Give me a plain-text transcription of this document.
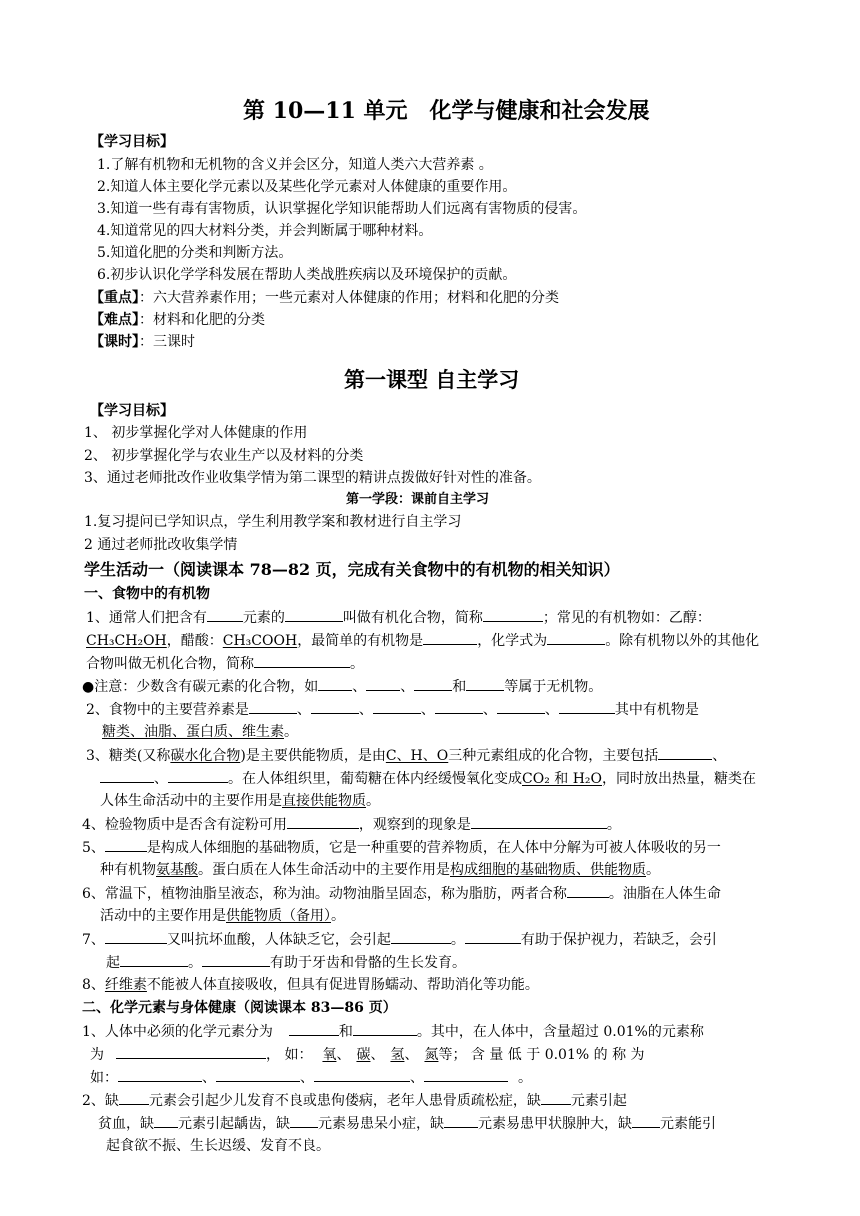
第 10—11 单元　化学与健康和社会发展
【学习目标】
1.了解有机物和无机物的含义并会区分，知道人类六大营养素 。
2.知道人体主要化学元素以及某些化学元素对人体健康的重要作用。
3.知道一些有毒有害物质，认识掌握化学知识能帮助人们远离有害物质的侵害。
4.知道常见的四大材料分类，并会判断属于哪种材料。
5.知道化肥的分类和判断方法。
6.初步认识化学学科发展在帮助人类战胜疾病以及环境保护的贡献。
【重点】：六大营养素作用；一些元素对人体健康的作用；材料和化肥的分类
【难点】：材料和化肥的分类
【课时】：三课时
第一课型 自主学习
【学习目标】
1、 初步掌握化学对人体健康的作用
2、 初步掌握化学与农业生产以及材料的分类
3、通过老师批改作业收集学情为第二课型的精讲点拨做好针对性的准备。
第一学段：课前自主学习
1.复习提问已学知识点，学生利用教学案和教材进行自主学习
2 通过老师批改收集学情
学生活动一（阅读课本 78—82 页，完成有关食物中的有机物的相关知识）
一、食物中的有机物
1、通常人们把含有	元素的	叫做有机化合物，简称	；常见的有机物如：乙醇：
CH₃CH₂OH，醋酸：CH₃COOH，最简单的有机物是	，化学式为	。除有机物以外的其他化
合物叫做无机化合物，简称	。
●注意：少数含有碳元素的化合物，如 、 、	和	等属于无机物。
2、食物中的主要营养素是	、	、	、	、	、	其中有机物是
糖类、油脂、蛋白质、维生素。
3、糖类(又称碳水化合物)是主要供能物质，是由C、H、O三种元素组成的化合物，主要包括	、
、	。在人体组织里，葡萄糖在体内经缓慢氧化变成CO₂ 和 H₂O，同时放出热量，糖类在
人体生命活动中的主要作用是直接供能物质。
4、检验物质中是否含有淀粉可用	，观察到的现象是	。
5、	是构成人体细胞的基础物质，它是一种重要的营养物质，在人体中分解为可被人体吸收的另一
种有机物氨基酸。蛋白质在人体生命活动中的主要作用是构成细胞的基础物质、供能物质。
6、常温下，植物油脂呈液态，称为油。动物油脂呈固态，称为脂肪，两者合称	。油脂在人体生命
活动中的主要作用是供能物质（备用）。
7、	又叫抗坏血酸，人体缺乏它，会引起	。	有助于保护视力，若缺乏，会引
起	。	有助于牙齿和骨骼的生长发育。
8、纤维素不能被人体直接吸收，但具有促进胃肠蠕动、帮助消化等功能。
二、化学元素与身体健康（阅读课本 83—86 页）
1、人体中必须的化学元素分为	和	。其中，在人体中，含量超过 0.01%的元素称
为	， 如： 氧、 碳、 氢、 氮等； 含 量 低 于 0.01% 的 称 为
如：	、	、	、	。
2、缺 元素会引起少儿发育不良或患佝偻病，老年人患骨质疏松症，缺 元素引起
贫血，缺 元素引起龋齿，缺 元素易患呆小症，缺 元素易患甲状腺肿大，缺 元素能引
起食欲不振、生长迟缓、发育不良。
